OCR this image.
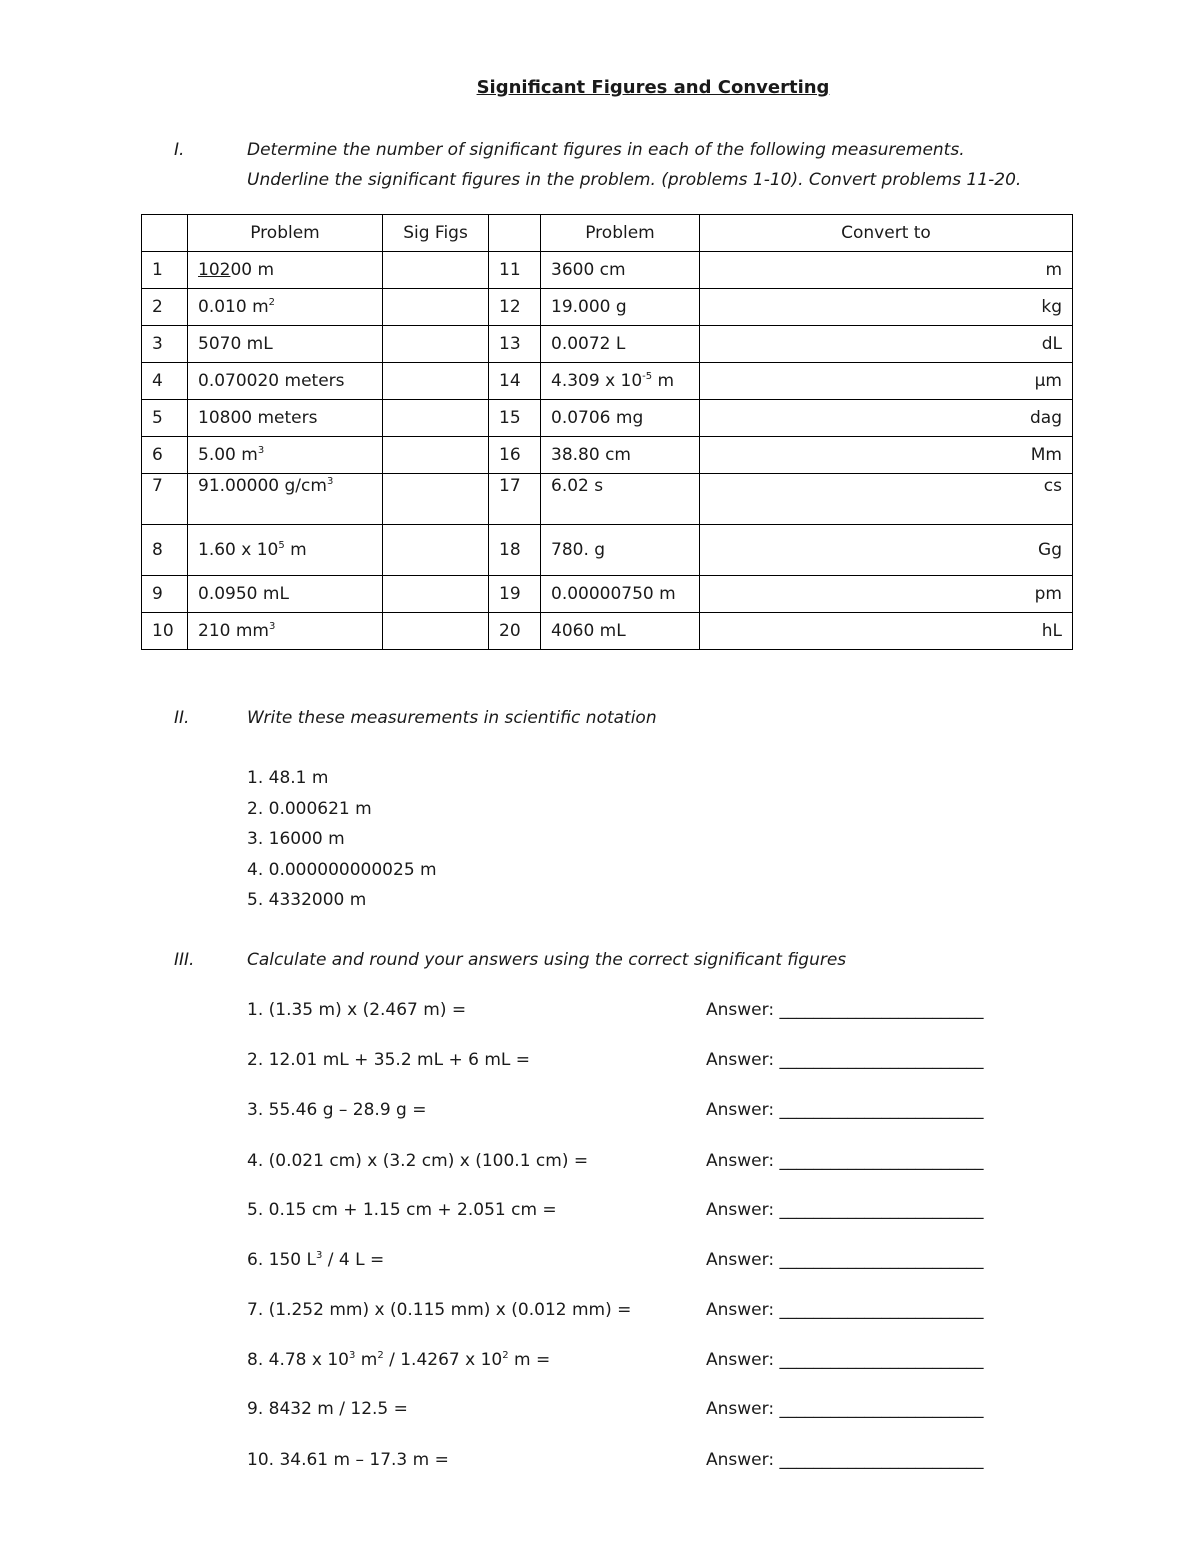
Significant Figures and Converting
I.	Determine the number of significant figures in each of the following measurements.
Underline the significant figures in the problem. (problems 1-10). Convert problems 11-20.
	Problem	Sig Figs		Problem	Convert to
1	10200 m		11	3600 cm	m
2	0.010 $m^2$		12	19.000 g	kg
3	5070 mL		13	0.0072 L	dL
4	0.070020 meters		14	4.309 x $10^{-5}$ m	µm
5	10800 meters		15	0.0706 mg	dag
6	5.00 $m^3$		16	38.80 cm	Mm
7	91.00000 $g/cm^3$		17	6.02 s	cs
8	1.60 x $10^5$ m		18	780. g	Gg
9	0.0950 mL		19	0.00000750 m	pm
10	210 $mm^3$		20	4060 mL	hL
II.	Write these measurements in scientific notation
1. 48.1 m
2. 0.000621 m
3. 16000 m
4. 0.000000000025 m
5. 4332000 m
III.	Calculate and round your answers using the correct significant figures
1. (1.35 m) x (2.467 m) =	Answer: ________________________
2. 12.01 mL + 35.2 mL + 6 mL =	Answer: ________________________
3. 55.46 g – 28.9 g =	Answer: ________________________
4. (0.021 cm) x (3.2 cm) x (100.1 cm) =	Answer: ________________________
5. 0.15 cm + 1.15 cm + 2.051 cm =	Answer: ________________________
6. 150 $L^3 / 4$ L =	Answer: ________________________
7. (1.252 mm) x (0.115 mm) x (0.012 mm) =	Answer: ________________________
8. 4.78 x $10^3$ $m^2 / 1.4267$ x $10^2$ m =	Answer: ________________________
9. 8432 m / 12.5 =	Answer: ________________________
10. 34.61 m – 17.3 m =	Answer: ________________________
